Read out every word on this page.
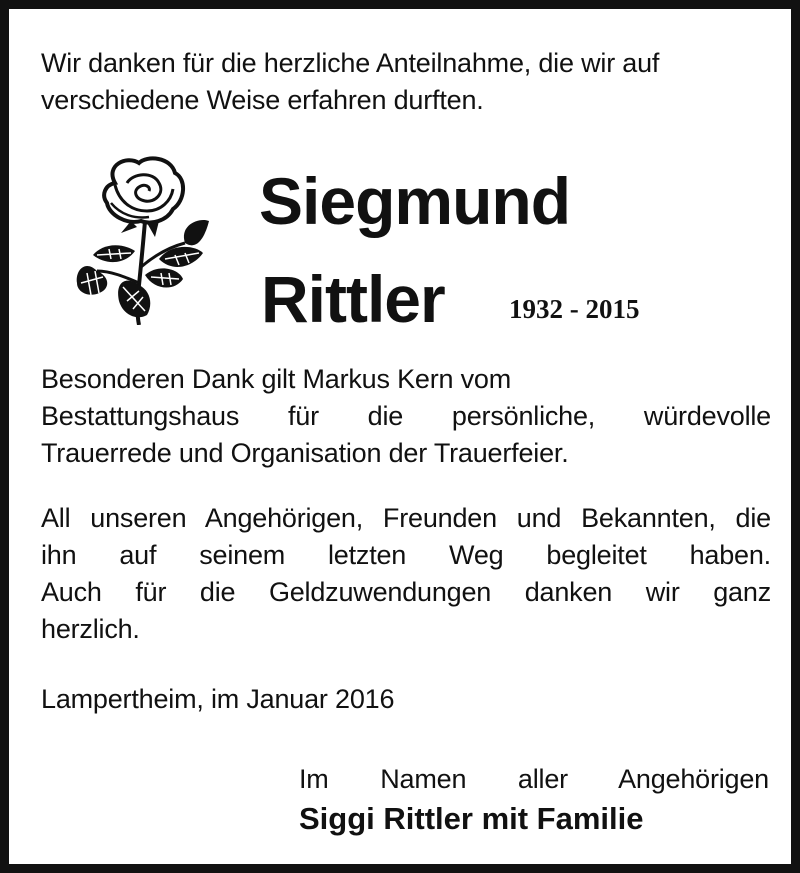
Wir danken für die herzliche Anteilnahme, die wir auf
verschiedene Weise erfahren durften.
Siegmund
Rittler 1932 - 2015
Besonderen Dank gilt Markus Kern vom
Bestattungshaus für die persönliche, würdevolle
Trauerrede und Organisation der Trauerfeier.
All unseren Angehörigen, Freunden und Bekannten, die
ihn auf seinem letzten Weg begleitet haben.
Auch für die Geldzuwendungen danken wir ganz
herzlich.
Lampertheim, im Januar 2016
Im Namen aller Angehörigen
Siggi Rittler mit Familie
